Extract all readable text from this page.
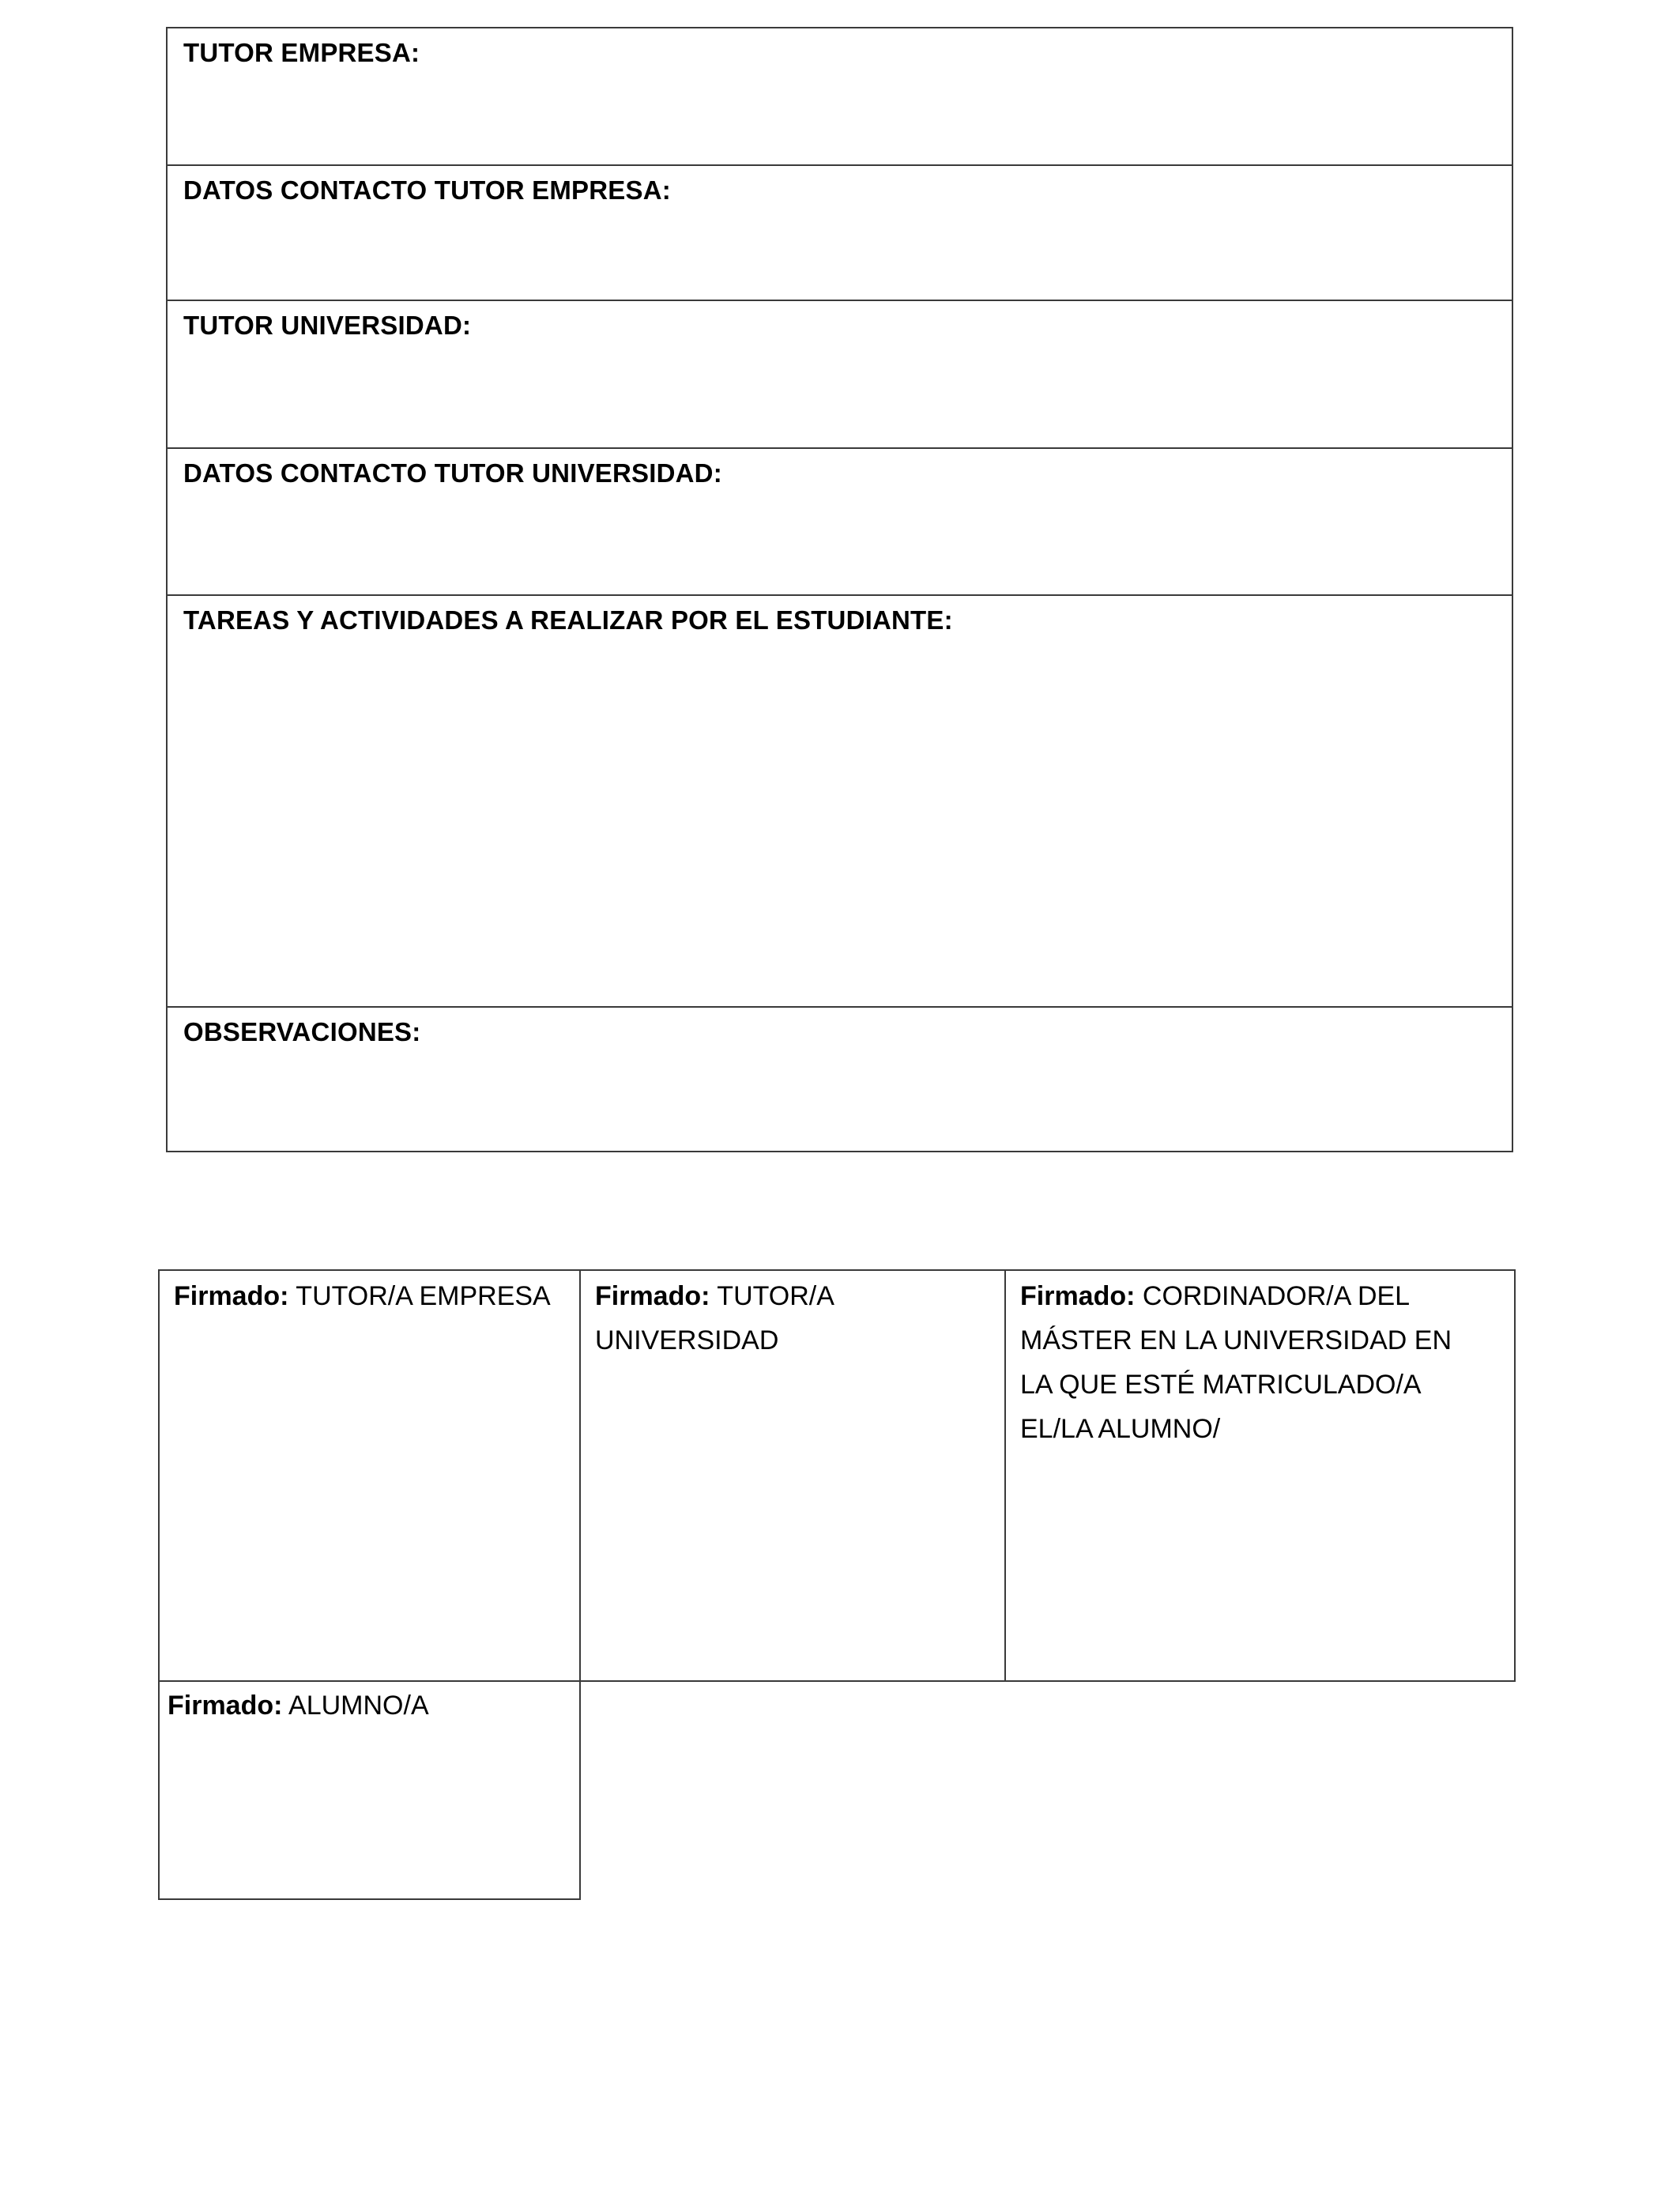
TUTOR EMPRESA:
DATOS CONTACTO TUTOR EMPRESA:
TUTOR UNIVERSIDAD:
DATOS CONTACTO TUTOR UNIVERSIDAD:
TAREAS Y ACTIVIDADES A REALIZAR POR EL ESTUDIANTE:
OBSERVACIONES:
Firmado: TUTOR/A EMPRESA	Firmado: TUTOR/A UNIVERSIDAD
Firmado: CORDINADOR/A DEL MÁSTER EN LA UNIVERSIDAD EN LA QUE ESTÉ MATRICULADO/A EL/LA ALUMNO/
Firmado: ALUMNO/A
